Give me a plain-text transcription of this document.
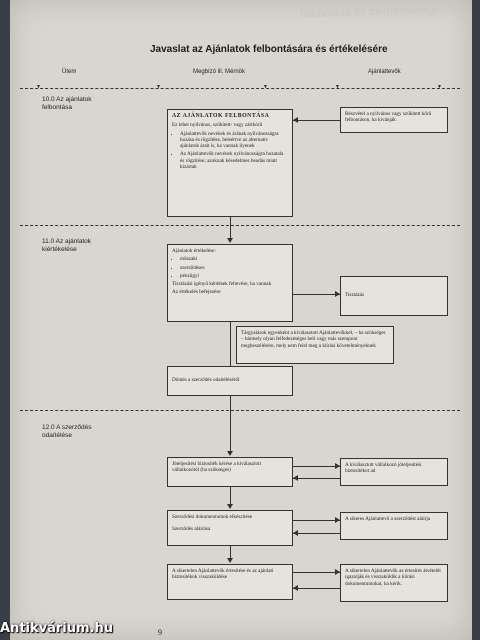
felbontása és megfelelősége
Javaslat az Ajánlatok felbontására és értékelésére
Ütem	Megbízó ill. Mérnök	Ajánlattevők
▼	▼	▼	▼	▼
10.0 Az ajánlatok felbontása
AZ AJÁNLATOK FELBONTÁSA

Ez lehet nyilvános, szűkített- vagy zártkörű

• Ajánlattevők nevének és árának nyilvánosságra hozása és rögzítése, beleértve az alternatív ajánlatok árait is, ha vannak ilyenek
• Az Ajánlattevők nevének nyilvánosságra hozatala és rögzítése; azoknak késedelmes beadás miatt kizártak
Részvétel a nyilvános vagy szűkített körű felbontáson, ha kívánják
11.0 Az ajánlatok kiértékelése	Ajánlatok értékelése:

• műszaki
• szerződéses
• pénzügyi

Tisztázási igényű kérdések feltevése, ha vannak

Az értékelés befejezése	Tisztázás
Tárgyalások egyenként a kiválasztott Ajánlattevőkkel, – ha szükséges – bármely olyan felfedezéséges beli vagy más szempont megbeszélésére, mely nem felel meg a kiírási követelményeknek
Döntés a szerződés odaítéléséről
12.0 A szerződés odaítélése
Jóteljesítési biztosíték kérése a kiválasztott vállalkozótól (ha szükséges)
A kiválasztott vállalkozó jóteljesítési biztosítékot ad

Szerződési dokumentumok elkészítése

Szerződés aláírása

A sikeres Ajánlattevő a szerződést aláírja
A sikertelen Ajánlattevők értesítése és az ajánlati biztosítékok visszaküldése
A sikertelen Ajánlattevők az értesítés átvételét igazolják és visszaküldik a kiírási dokumentumokat, ha kérik.
9
Antikvárium.hu
